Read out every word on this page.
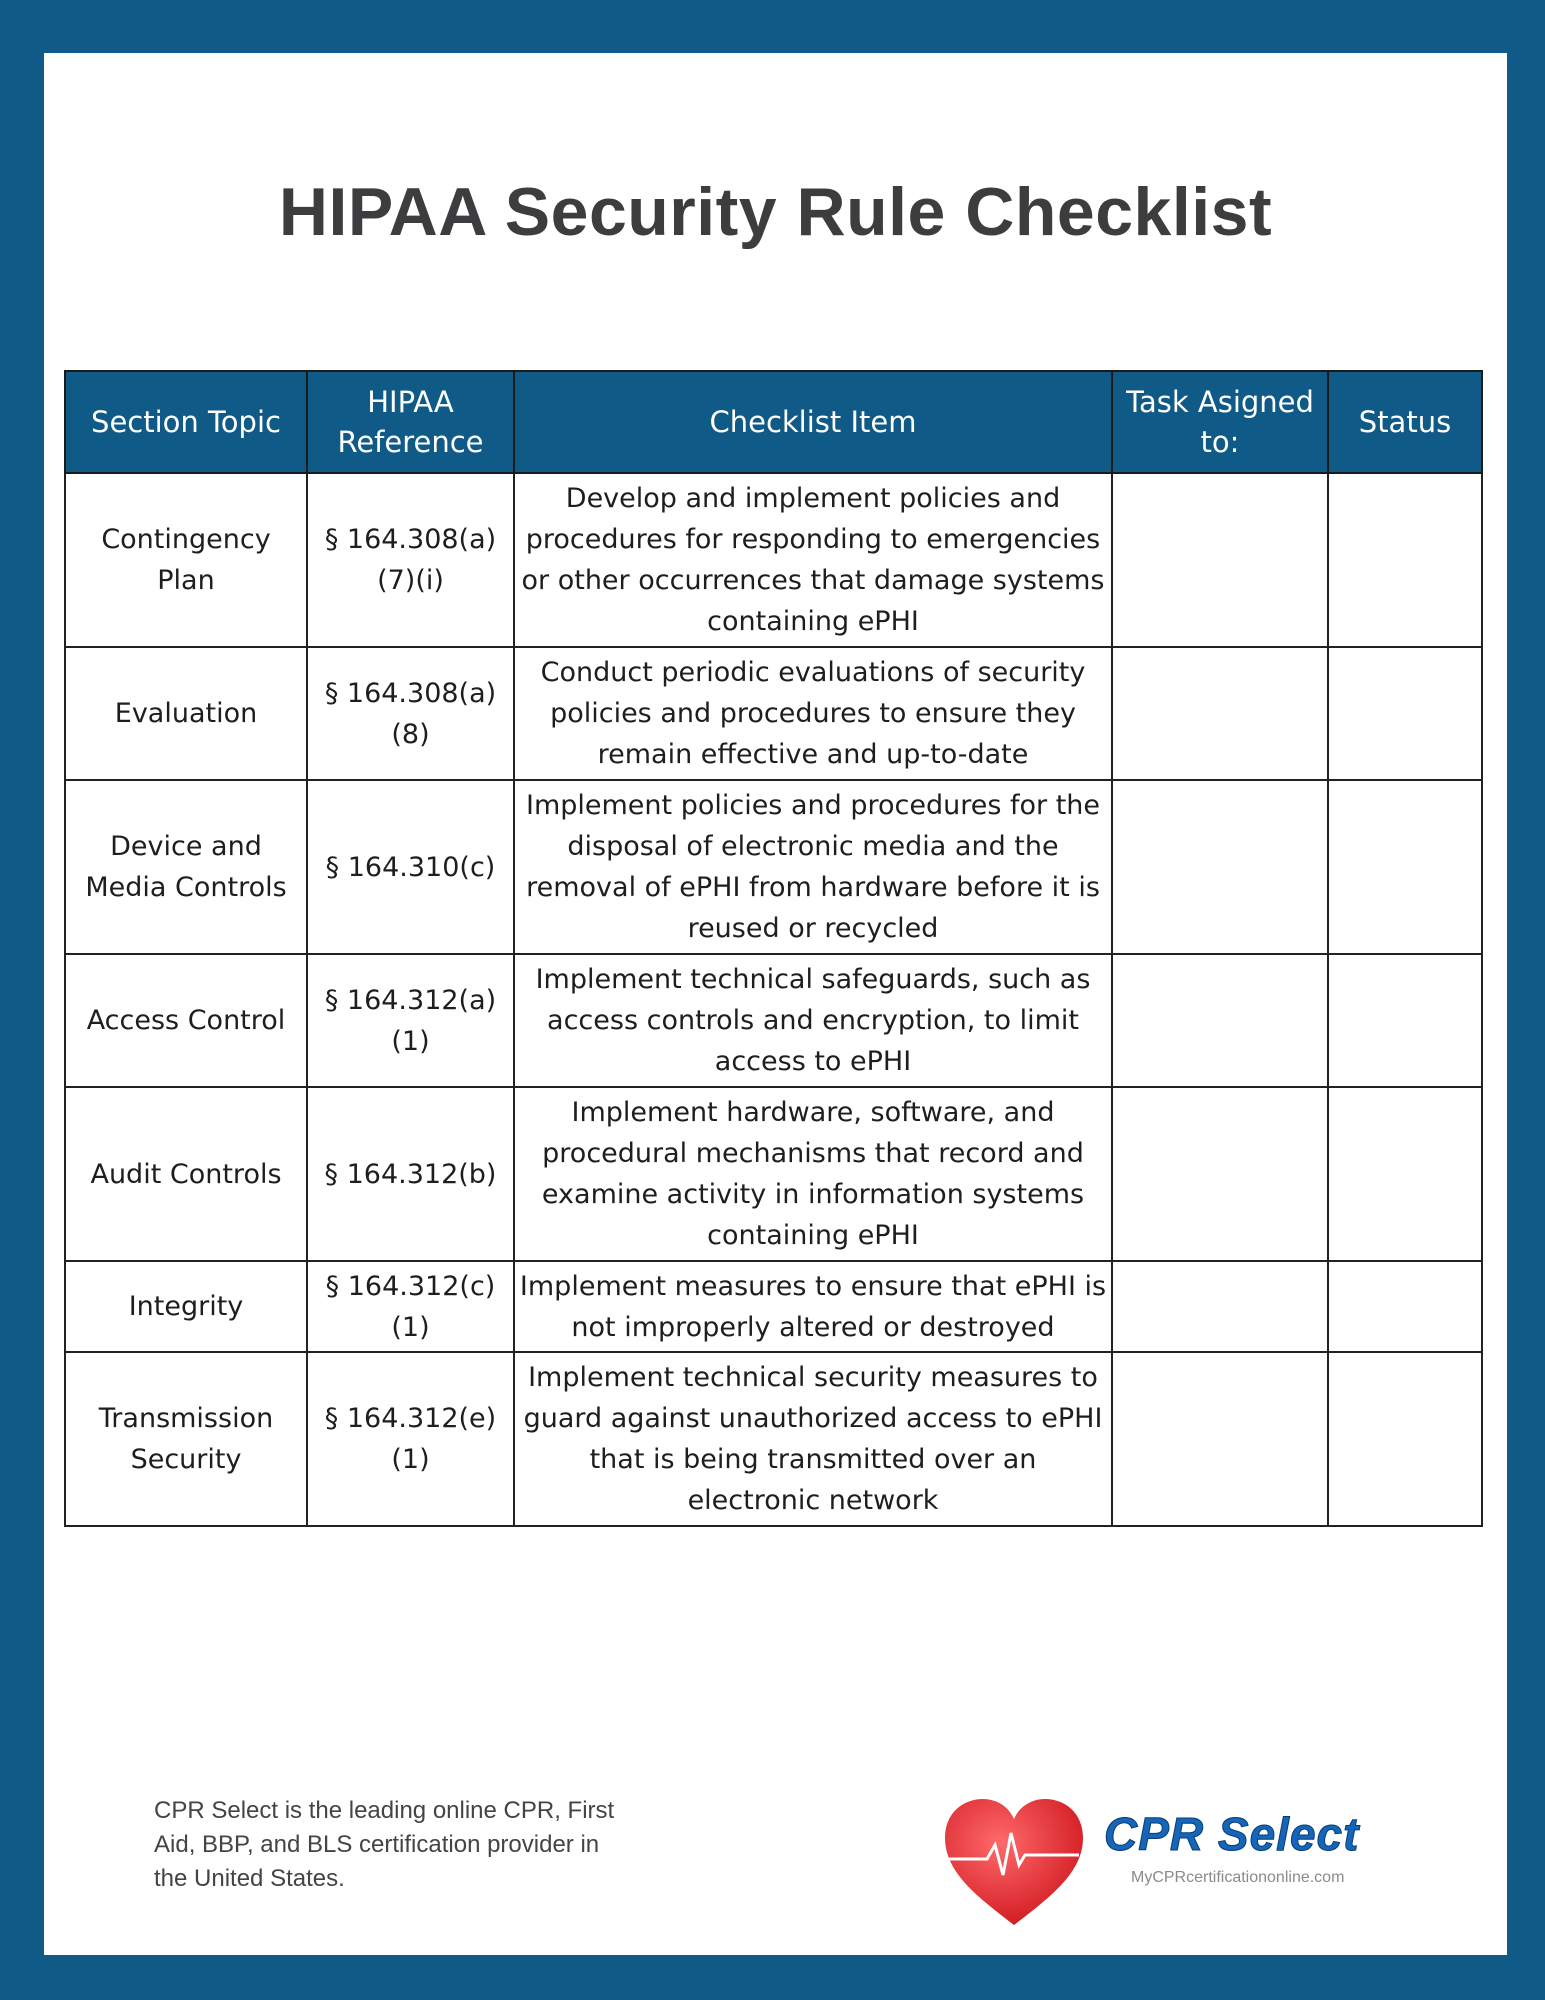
HIPAA Security Rule Checklist
Section Topic	HIPAA Reference	Checklist Item	Task Asigned to:	Status
Contingency Plan	§ 164.308(a)(7)(i)	Develop and implement policies and procedures for responding to emergencies or other occurrences that damage systems containing ePHI		
Evaluation	§ 164.308(a)(8)	Conduct periodic evaluations of security policies and procedures to ensure they remain effective and up-to-date		
Device and Media Controls	§ 164.310(c)	Implement policies and procedures for the disposal of electronic media and the removal of ePHI from hardware before it is reused or recycled		
Access Control	§ 164.312(a)(1)	Implement technical safeguards, such as access controls and encryption, to limit access to ePHI		
Audit Controls	§ 164.312(b)	Implement hardware, software, and procedural mechanisms that record and examine activity in information systems containing ePHI		
Integrity	§ 164.312(c)(1)	Implement measures to ensure that ePHI is not improperly altered or destroyed		
Transmission Security	§ 164.312(e)(1)	Implement technical security measures to guard against unauthorized access to ePHI that is being transmitted over an electronic network		

CPR Select is the leading online CPR, First Aid, BBP, and BLS certification provider in the United States.

CPR Select
MyCPRcertificationonline.com
